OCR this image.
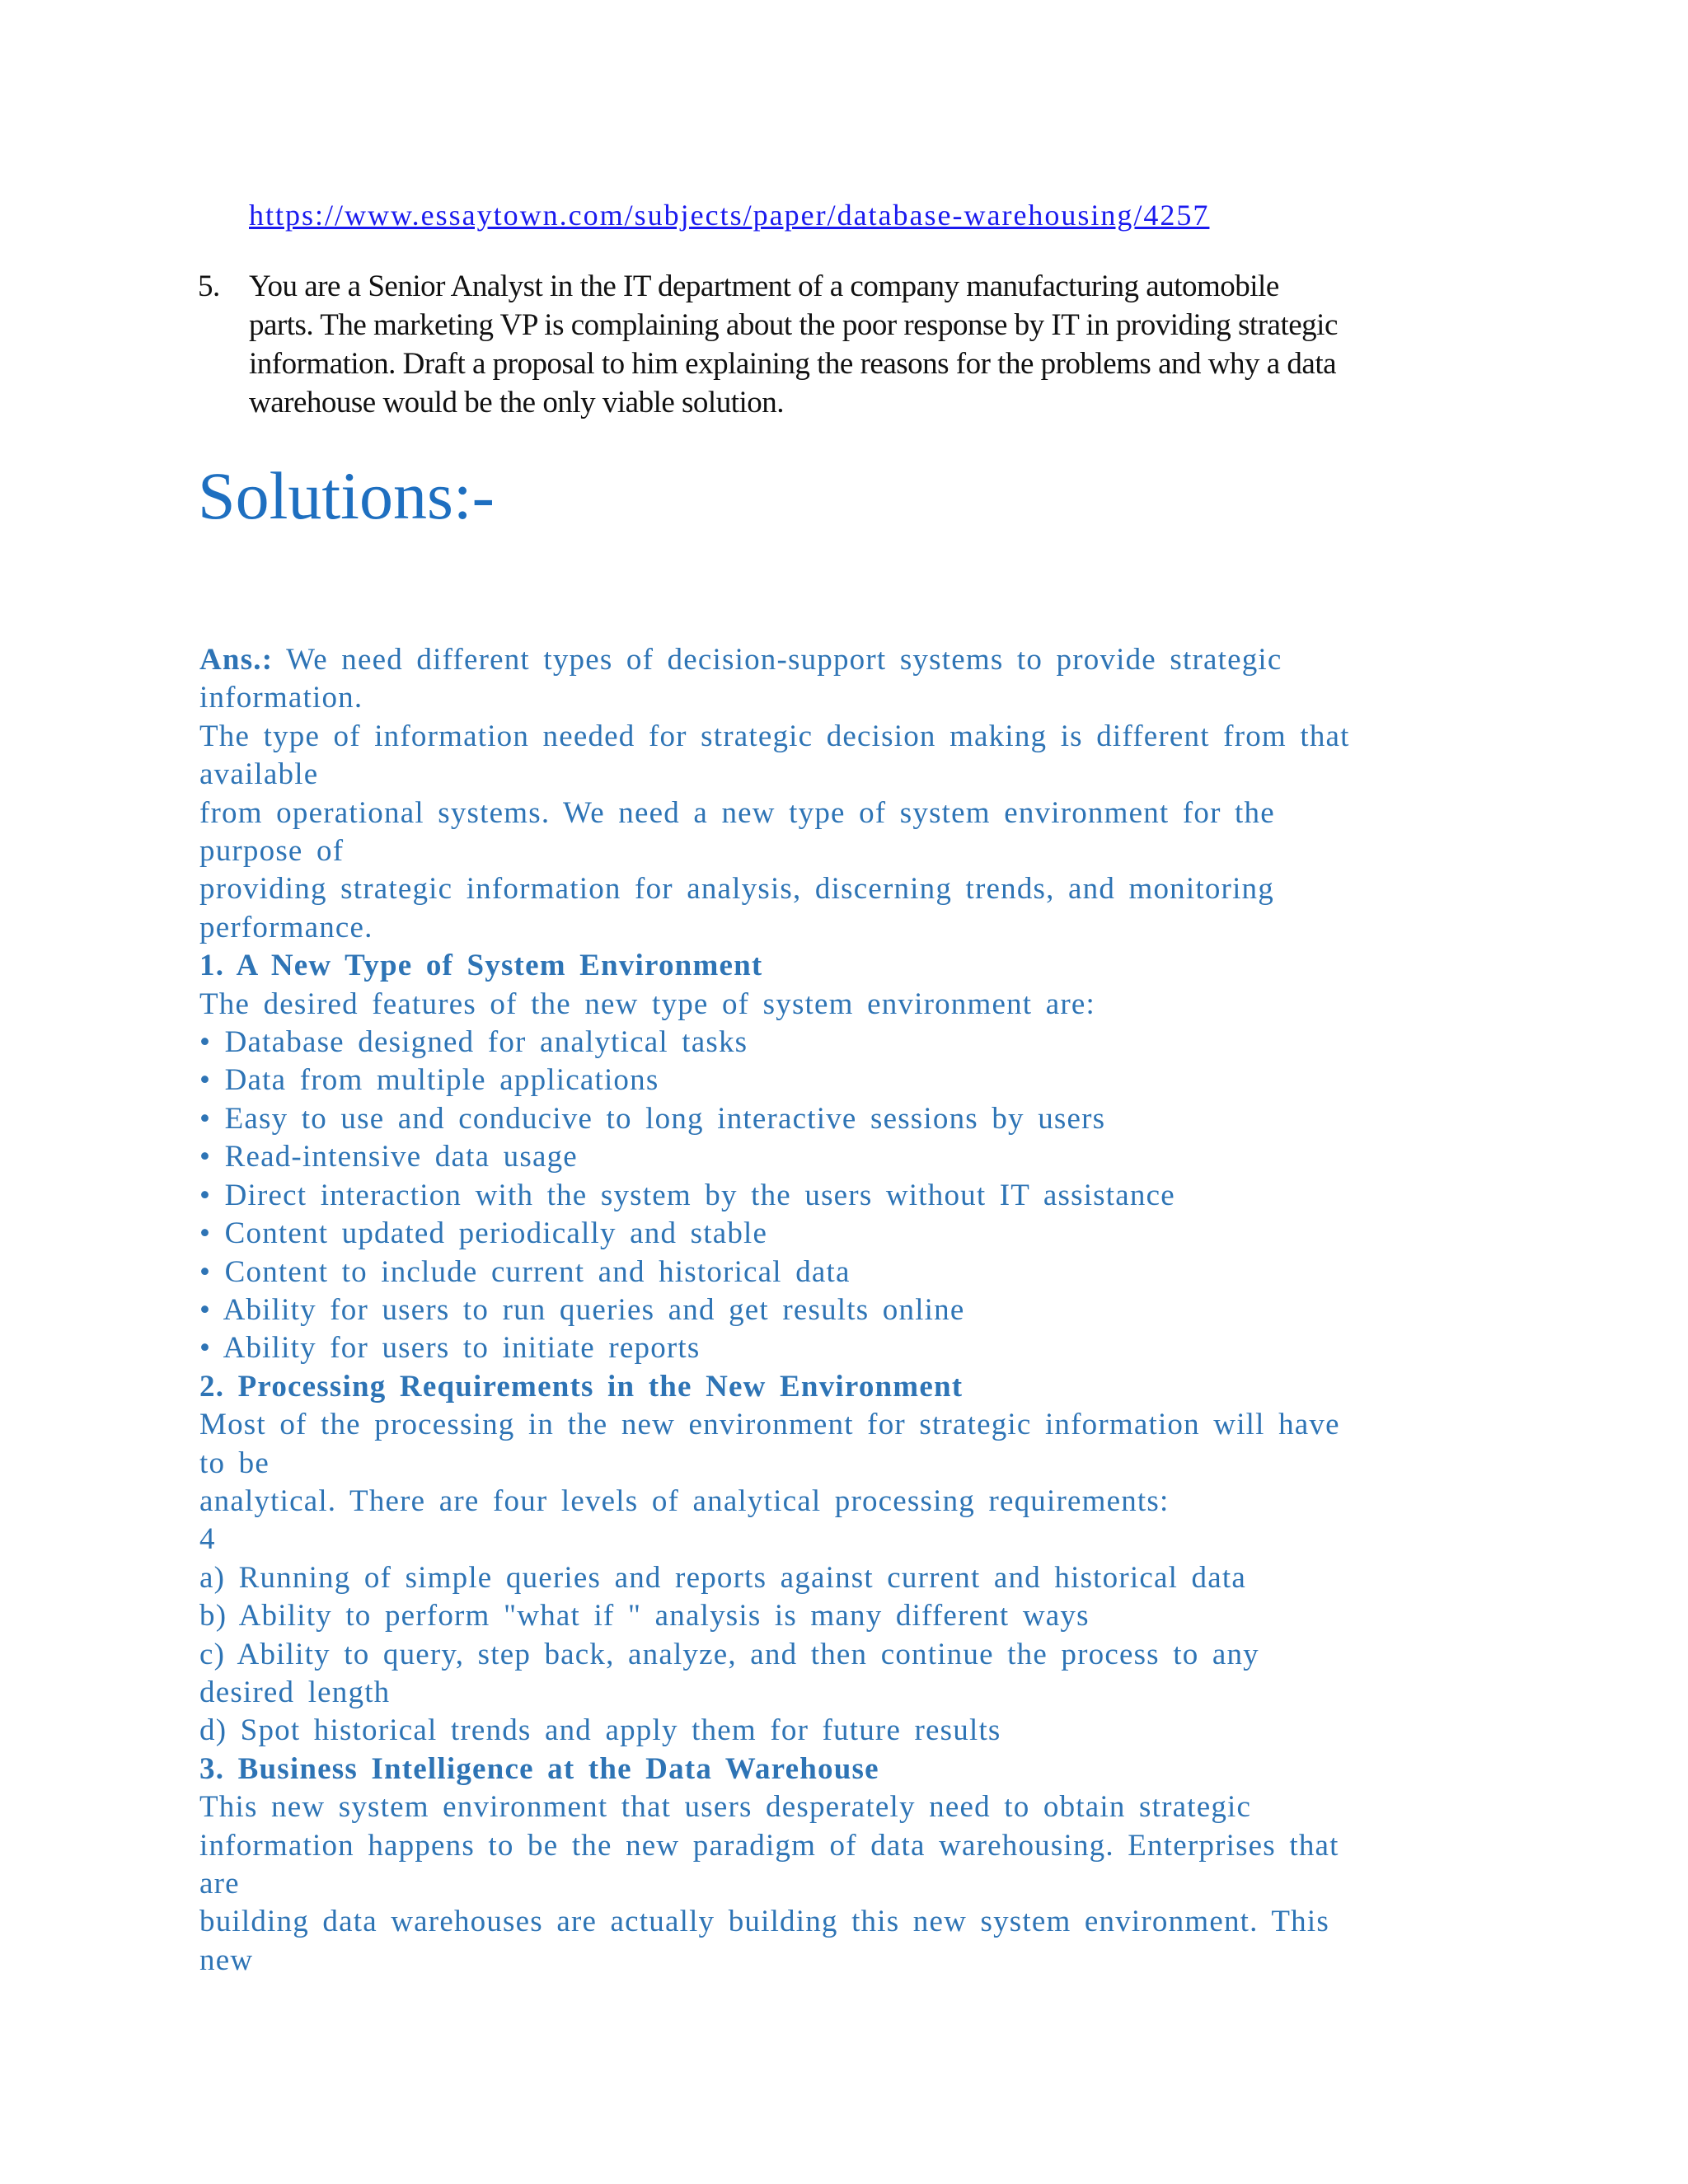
https://www.essaytown.com/subjects/paper/database-warehousing/4257
5. You are a Senior Analyst in the IT department of a company manufacturing automobile
parts. The marketing VP is complaining about the poor response by IT in providing strategic
information. Draft a proposal to him explaining the reasons for the problems and why a data
warehouse would be the only viable solution.
Solutions:-
Ans.: We need different types of decision-support systems to provide strategic
information.
The type of information needed for strategic decision making is different from that
available
from operational systems. We need a new type of system environment for the
purpose of
providing strategic information for analysis, discerning trends, and monitoring
performance.
1. A New Type of System Environment
The desired features of the new type of system environment are:
• Database designed for analytical tasks
• Data from multiple applications
• Easy to use and conducive to long interactive sessions by users
• Read-intensive data usage
• Direct interaction with the system by the users without IT assistance
• Content updated periodically and stable
• Content to include current and historical data
• Ability for users to run queries and get results online
• Ability for users to initiate reports
2. Processing Requirements in the New Environment
Most of the processing in the new environment for strategic information will have
to be
analytical. There are four levels of analytical processing requirements:
4
a) Running of simple queries and reports against current and historical data
b) Ability to perform "what if " analysis is many different ways
c) Ability to query, step back, analyze, and then continue the process to any
desired length
d) Spot historical trends and apply them for future results
3. Business Intelligence at the Data Warehouse
This new system environment that users desperately need to obtain strategic
information happens to be the new paradigm of data warehousing. Enterprises that
are
building data warehouses are actually building this new system environment. This
new
